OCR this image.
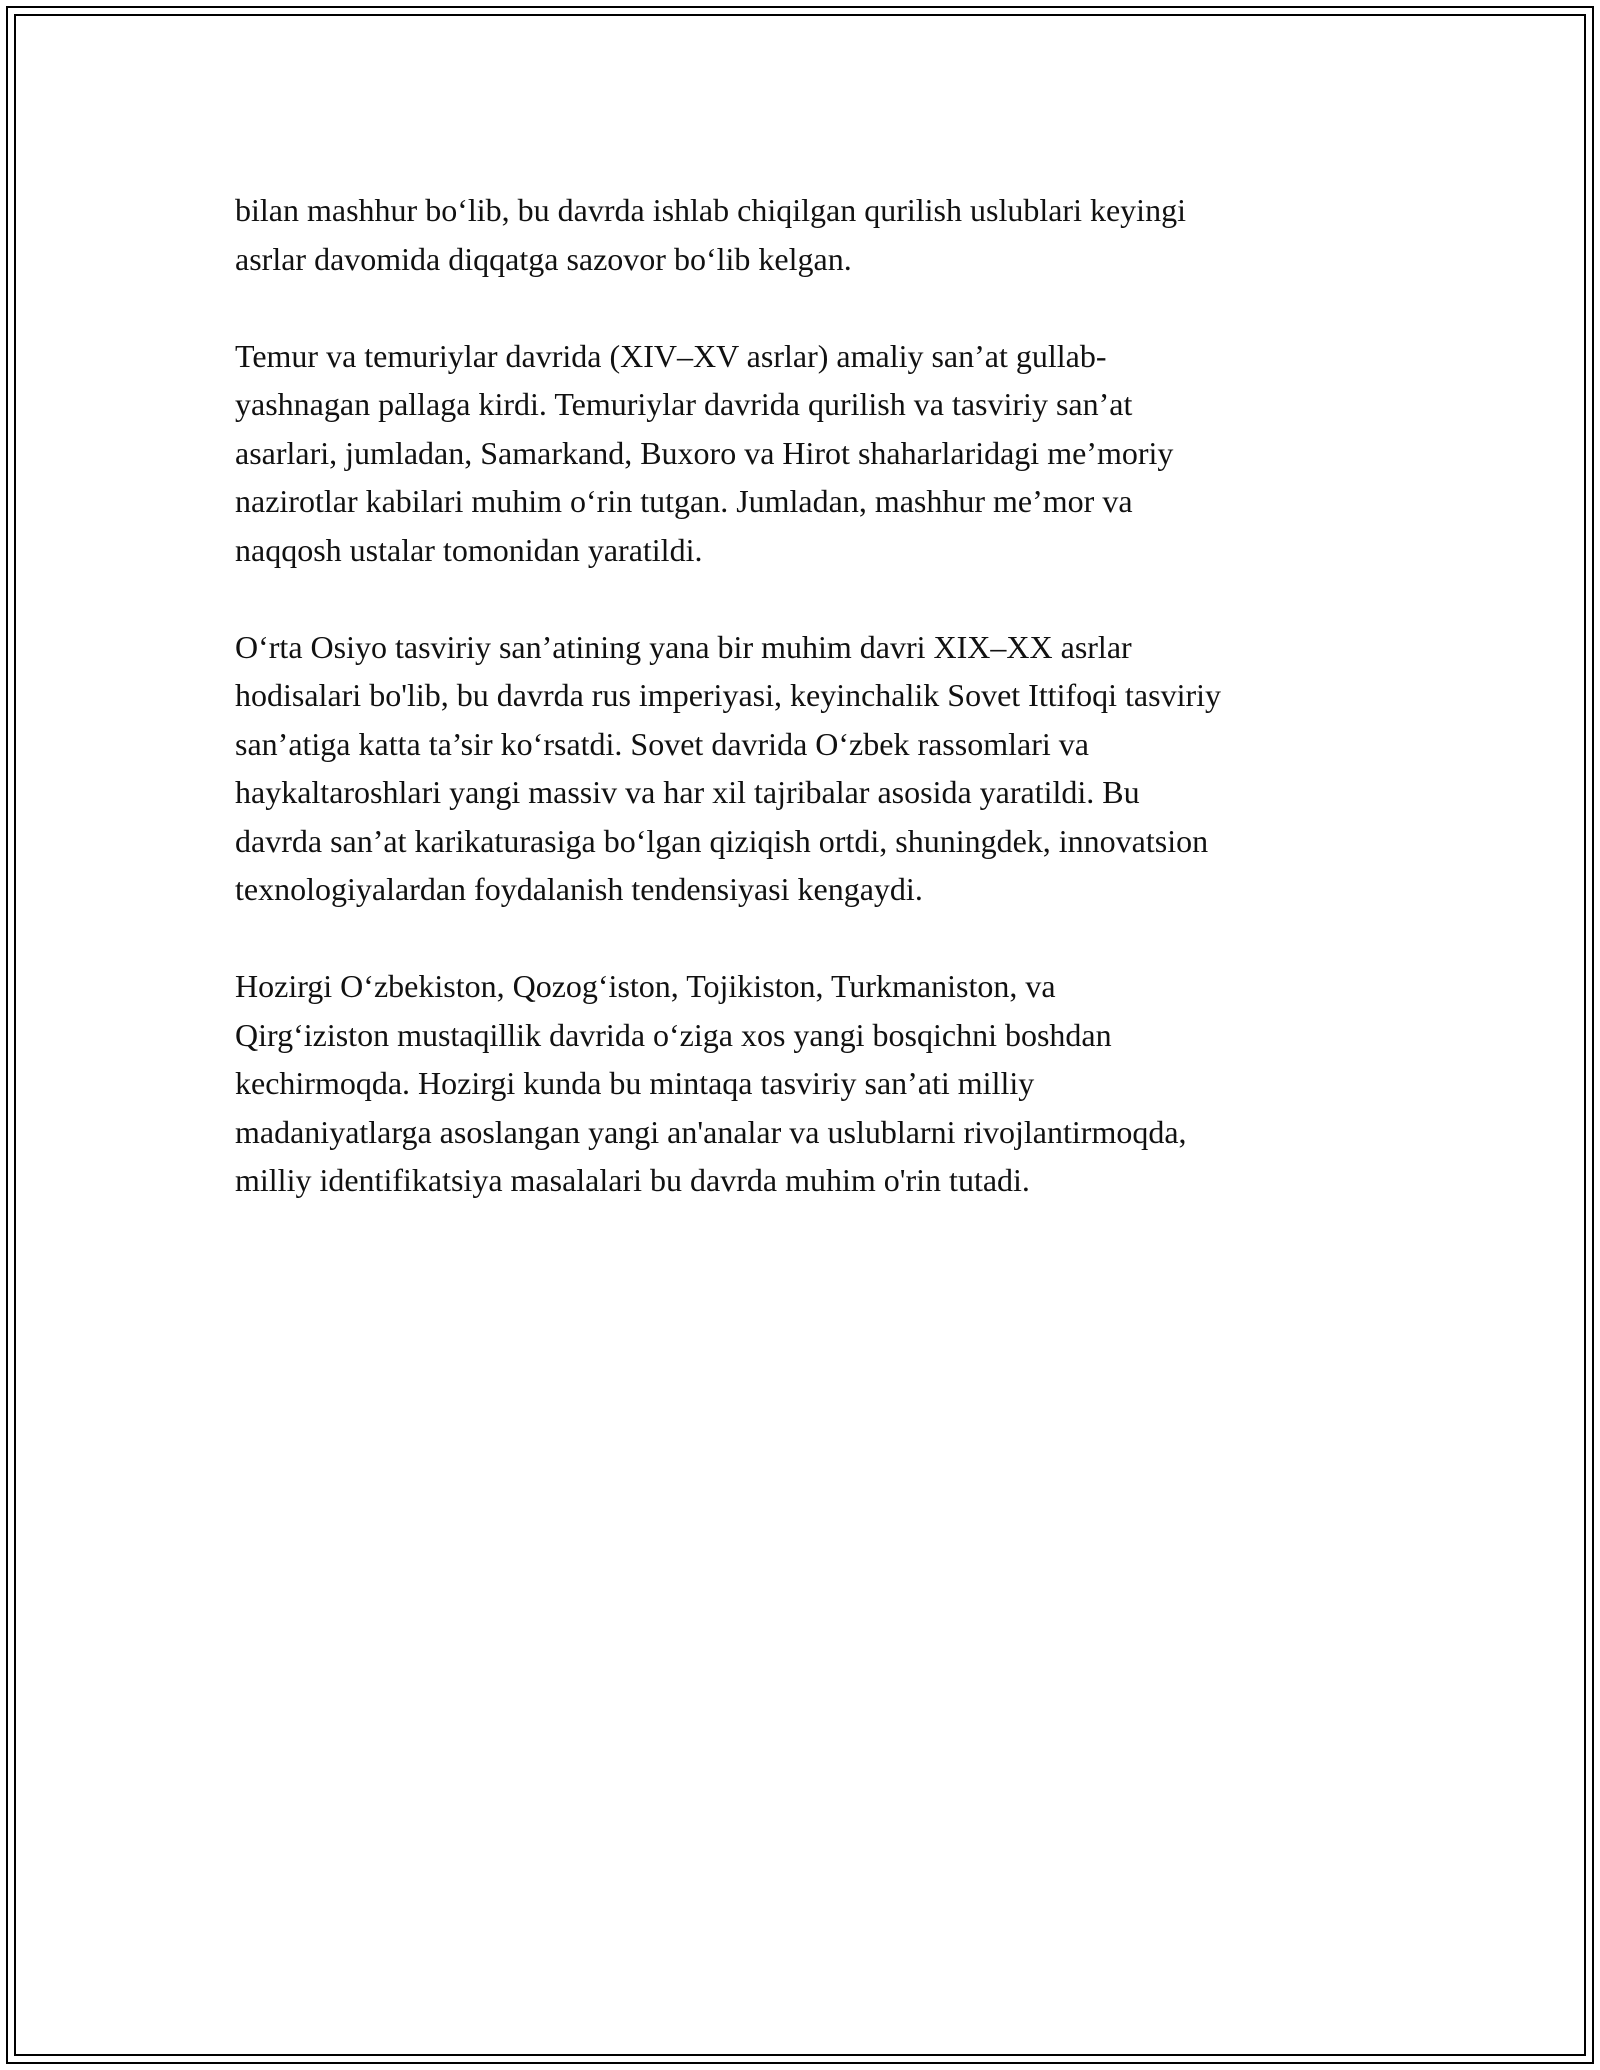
bilan mashhur bo‘lib, bu davrda ishlab chiqilgan qurilish uslublari keyingi
asrlar davomida diqqatga sazovor bo‘lib kelgan.

Temur va temuriylar davrida (XIV–XV asrlar) amaliy san’at gullab-
yashnagan pallaga kirdi. Temuriylar davrida qurilish va tasviriy san’at
asarlari, jumladan, Samarkand, Buxoro va Hirot shaharlaridagi me’moriy
nazirotlar kabilari muhim o‘rin tutgan. Jumladan, mashhur me’mor va
naqqosh ustalar tomonidan yaratildi.

O‘rta Osiyo tasviriy san’atining yana bir muhim davri XIX–XX asrlar
hodisalari bo'lib, bu davrda rus imperiyasi, keyinchalik Sovet Ittifoqi tasviriy
san’atiga katta ta’sir ko‘rsatdi. Sovet davrida O‘zbek rassomlari va
haykaltaroshlari yangi massiv va har xil tajribalar asosida yaratildi. Bu
davrda san’at karikaturasiga bo‘lgan qiziqish ortdi, shuningdek, innovatsion
texnologiyalardan foydalanish tendensiyasi kengaydi.

Hozirgi O‘zbekiston, Qozog‘iston, Tojikiston, Turkmaniston, va
Qirg‘iziston mustaqillik davrida o‘ziga xos yangi bosqichni boshdan
kechirmoqda. Hozirgi kunda bu mintaqa tasviriy san’ati milliy
madaniyatlarga asoslangan yangi an'analar va uslublarni rivojlantirmoqda,
milliy identifikatsiya masalalari bu davrda muhim o'rin tutadi.
